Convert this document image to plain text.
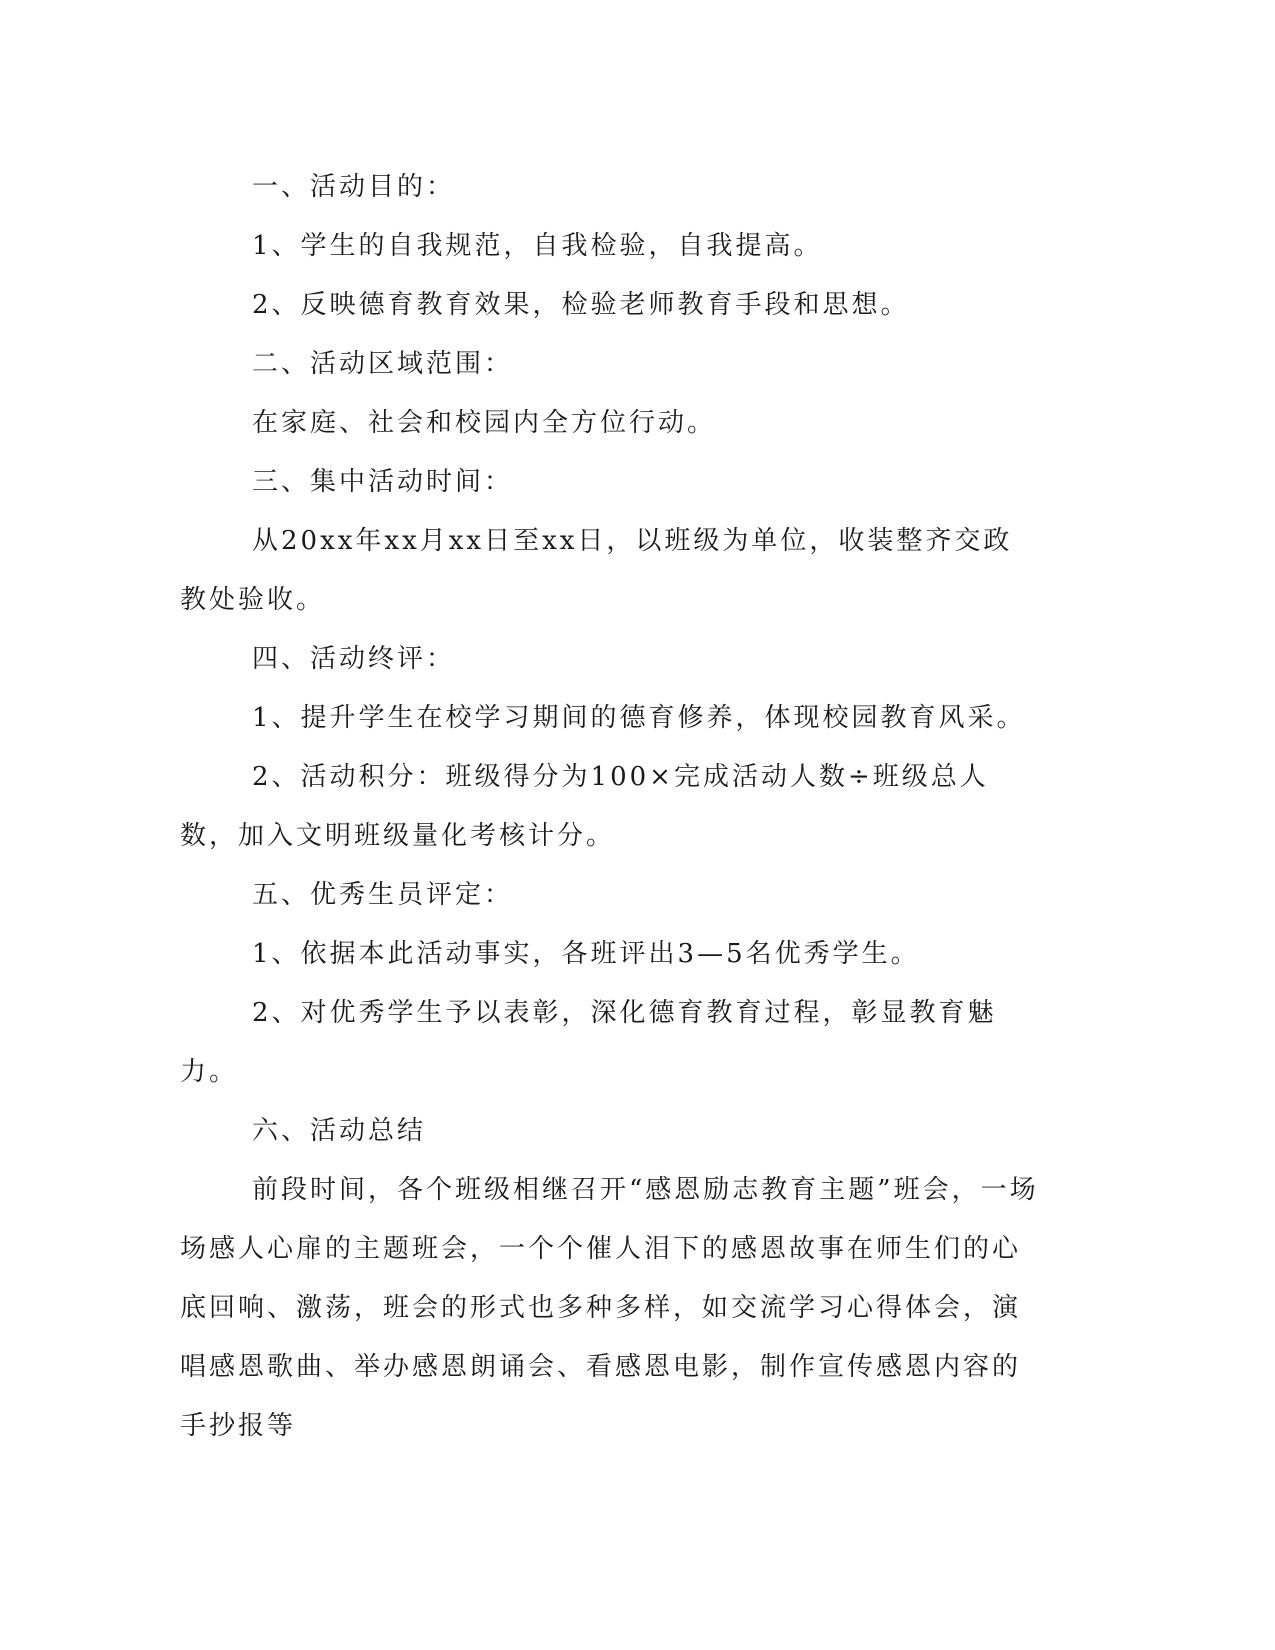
一、活动目的：

1、学生的自我规范，自我检验，自我提高。

2、反映德育教育效果，检验老师教育手段和思想。

二、活动区域范围：

在家庭、社会和校园内全方位行动。

三、集中活动时间：

从20xx年xx月xx日至xx日，以班级为单位，收装整齐交政教处验收。

四、活动终评：

1、提升学生在校学习期间的德育修养，体现校园教育风采。

2、活动积分：班级得分为100×完成活动人数÷班级总人数，加入文明班级量化考核计分。

五、优秀生员评定：

1、依据本此活动事实，各班评出3—5名优秀学生。

2、对优秀学生予以表彰，深化德育教育过程，彰显教育魅力。

六、活动总结

前段时间，各个班级相继召开“感恩励志教育主题”班会，一场场感人心扉的主题班会，一个个催人泪下的感恩故事在师生们的心底回响、激荡，班会的形式也多种多样，如交流学习心得体会，演唱感恩歌曲、举办感恩朗诵会、看感恩电影，制作宣传感恩内容的手抄报等
